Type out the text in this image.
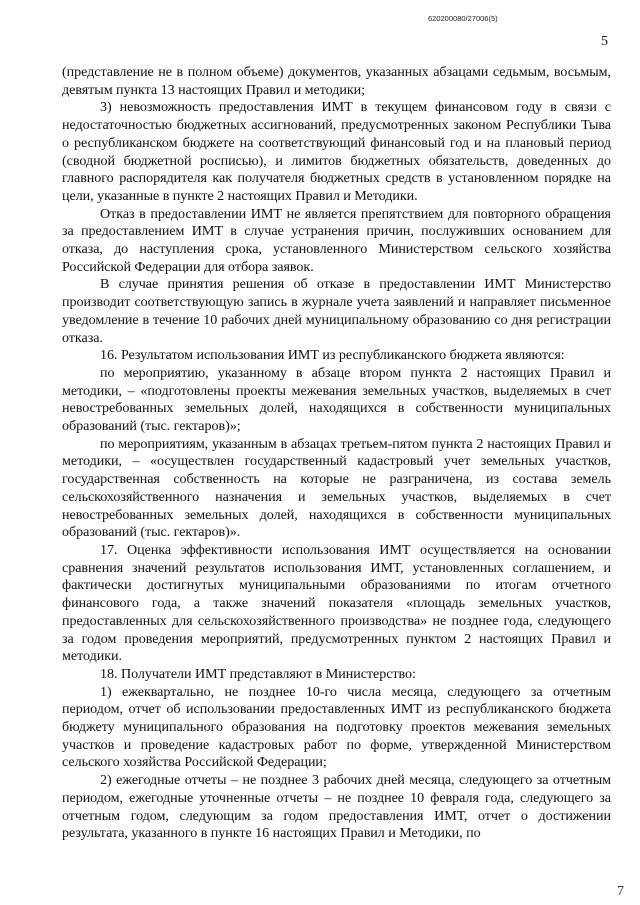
620200080/27006(5)
5

(представление не в полном объеме) документов, указанных абзацами седьмым, восьмым, девятым пункта 13 настоящих Правил и методики;

3) невозможность предоставления ИМТ в текущем финансовом году в связи с недостаточностью бюджетных ассигнований, предусмотренных законом Республики Тыва о республиканском бюджете на соответствующий финансовый год и на плановый период (сводной бюджетной росписью), и лимитов бюджетных обязательств, доведенных до главного распорядителя как получателя бюджетных средств в установленном порядке на цели, указанные в пункте 2 настоящих Правил и Методики.

Отказ в предоставлении ИМТ не является препятствием для повторного обращения за предоставлением ИМТ в случае устранения причин, послуживших основанием для отказа, до наступления срока, установленного Министерством сельского хозяйства Российской Федерации для отбора заявок.

В случае принятия решения об отказе в предоставлении ИМТ Министерство производит соответствующую запись в журнале учета заявлений и направляет письменное уведомление в течение 10 рабочих дней муниципальному образованию со дня регистрации отказа.

16. Результатом использования ИМТ из республиканского бюджета являются:

по мероприятию, указанному в абзаце втором пункта 2 настоящих Правил и методики, – «подготовлены проекты межевания земельных участков, выделяемых в счет невостребованных земельных долей, находящихся в собственности муниципальных образований (тыс. гектаров)»;

по мероприятиям, указанным в абзацах третьем-пятом пункта 2 настоящих Правил и методики, – «осуществлен государственный кадастровый учет земельных участков, государственная собственность на которые не разграничена, из состава земель сельскохозяйственного назначения и земельных участков, выделяемых в счет невостребованных земельных долей, находящихся в собственности муниципальных образований (тыс. гектаров)».

17. Оценка эффективности использования ИМТ осуществляется на основании сравнения значений результатов использования ИМТ, установленных соглашением, и фактически достигнутых муниципальными образованиями по итогам отчетного финансового года, а также значений показателя «площадь земельных участков, предоставленных для сельскохозяйственного производства» не позднее года, следующего за годом проведения мероприятий, предусмотренных пунктом 2 настоящих Правил и методики.

18. Получатели ИМТ представляют в Министерство:

1) ежеквартально, не позднее 10-го числа месяца, следующего за отчетным периодом, отчет об использовании предоставленных ИМТ из республиканского бюджета бюджету муниципального образования на подготовку проектов межевания земельных участков и проведение кадастровых работ по форме, утвержденной Министерством сельского хозяйства Российской Федерации;

2) ежегодные отчеты – не позднее 3 рабочих дней месяца, следующего за отчетным периодом, ежегодные уточненные отчеты – не позднее 10 февраля года, следующего за отчетным годом, следующим за годом предоставления ИМТ, отчет о достижении результата, указанного в пункте 16 настоящих Правил и Методики, по

7
